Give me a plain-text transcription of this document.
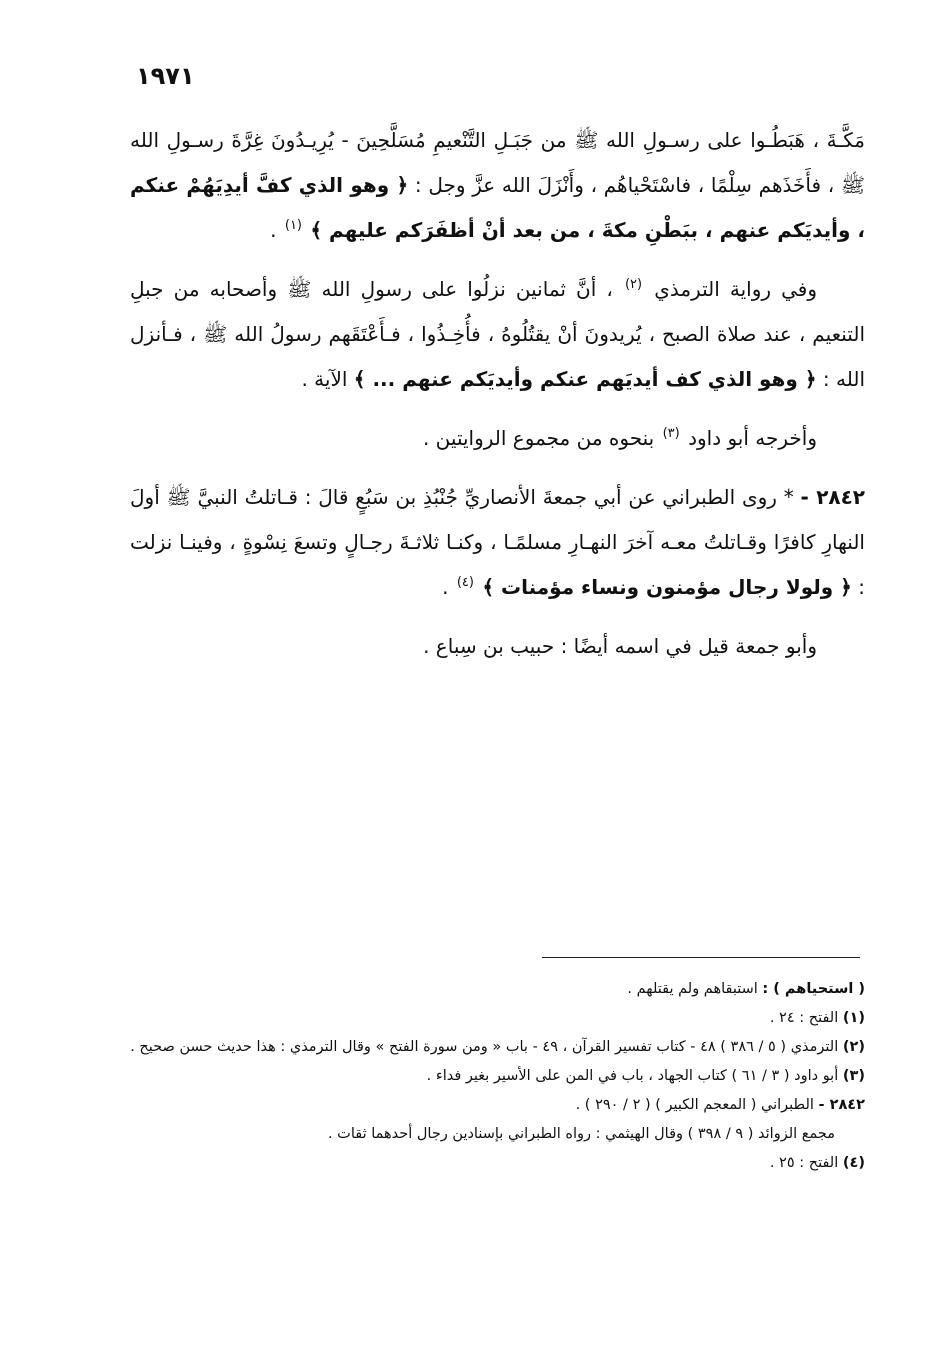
١٩٧١

مَكَّـةَ ، هَبَطُـوا على رسـولِ الله ﷺ من جَبَـلِ التَّنْعيمِ مُسَلَّحِينَ - يُرِيـدُونَ غِرَّةَ رسـولِ الله ﷺ ، فأَخَذَهم سِلْمًا ، فاسْتَحْياهُم ، وأَنْزَلَ الله عزَّ وجل : ﴿ وهو الذي كفَّ أيدِيَهُمْ عنكم ، وأيديَكم عنهم ، ببَطْنِ مكةَ ، من بعد أنْ أظفَرَكم عليهم ﴾ $^{(١)}$ .

وفي رواية الترمذي $^{(٢)}$ ، أنَّ ثمانين نزلُوا على رسولِ الله ﷺ وأصحابه من جبلِ التنعيم ، عند صلاة الصبح ، يُريدونَ أنْ يقتُلُوهُ ، فأُخِـذُوا ، فـأَعْتَقَهم رسولُ الله ﷺ ، فـأنزل الله : ﴿ وهو الذي كف أيديَهم عنكم وأيديَكم عنهم ... ﴾ الآية .

وأخرجه أبو داود $^{(٣)}$ بنحوه من مجموع الروايتين .

٢٨٤٢ - * روى الطبراني عن أبي جمعةَ الأنصاريِّ جُنْبُذِ بن سَبُعٍ قالَ : قـاتلتُ النبيَّ ﷺ أولَ النهارِ كافرًا وقـاتلتُ معـه آخرَ النهـارِ مسلمًـا ، وكنـا ثلاثـةَ رجـالٍ وتسعَ نِسْوةٍ ، وفينـا نزلت : ﴿ ولولا رجال مؤمنون ونساء مؤمنات ﴾ $^{(٤)}$ .

وأبو جمعة قيل في اسمه أيضًا : حبيب بن سِباع .

( استحياهم ) : استبقاهم ولم يقتلهم .

(١) الفتح : ٢٤ .

(٢) الترمذي ( ٥ / ٣٨٦ ) ٤٨ - كتاب تفسير القرآن ، ٤٩ - باب « ومن سورة الفتح » وقال الترمذي : هذا حديث حسن صحيح .

(٣) أبو داود ( ٣ / ٦١ ) كتاب الجهاد ، باب في المن على الأسير بغير فداء .

٢٨٤٢ - الطبراني ( المعجم الكبير ) ( ٢ / ٢٩٠ ) .

مجمع الزوائد ( ٩ / ٣٩٨ ) وقال الهيثمي : رواه الطبراني بإسنادين رجال أحدهما ثقات .

(٤) الفتح : ٢٥ .
